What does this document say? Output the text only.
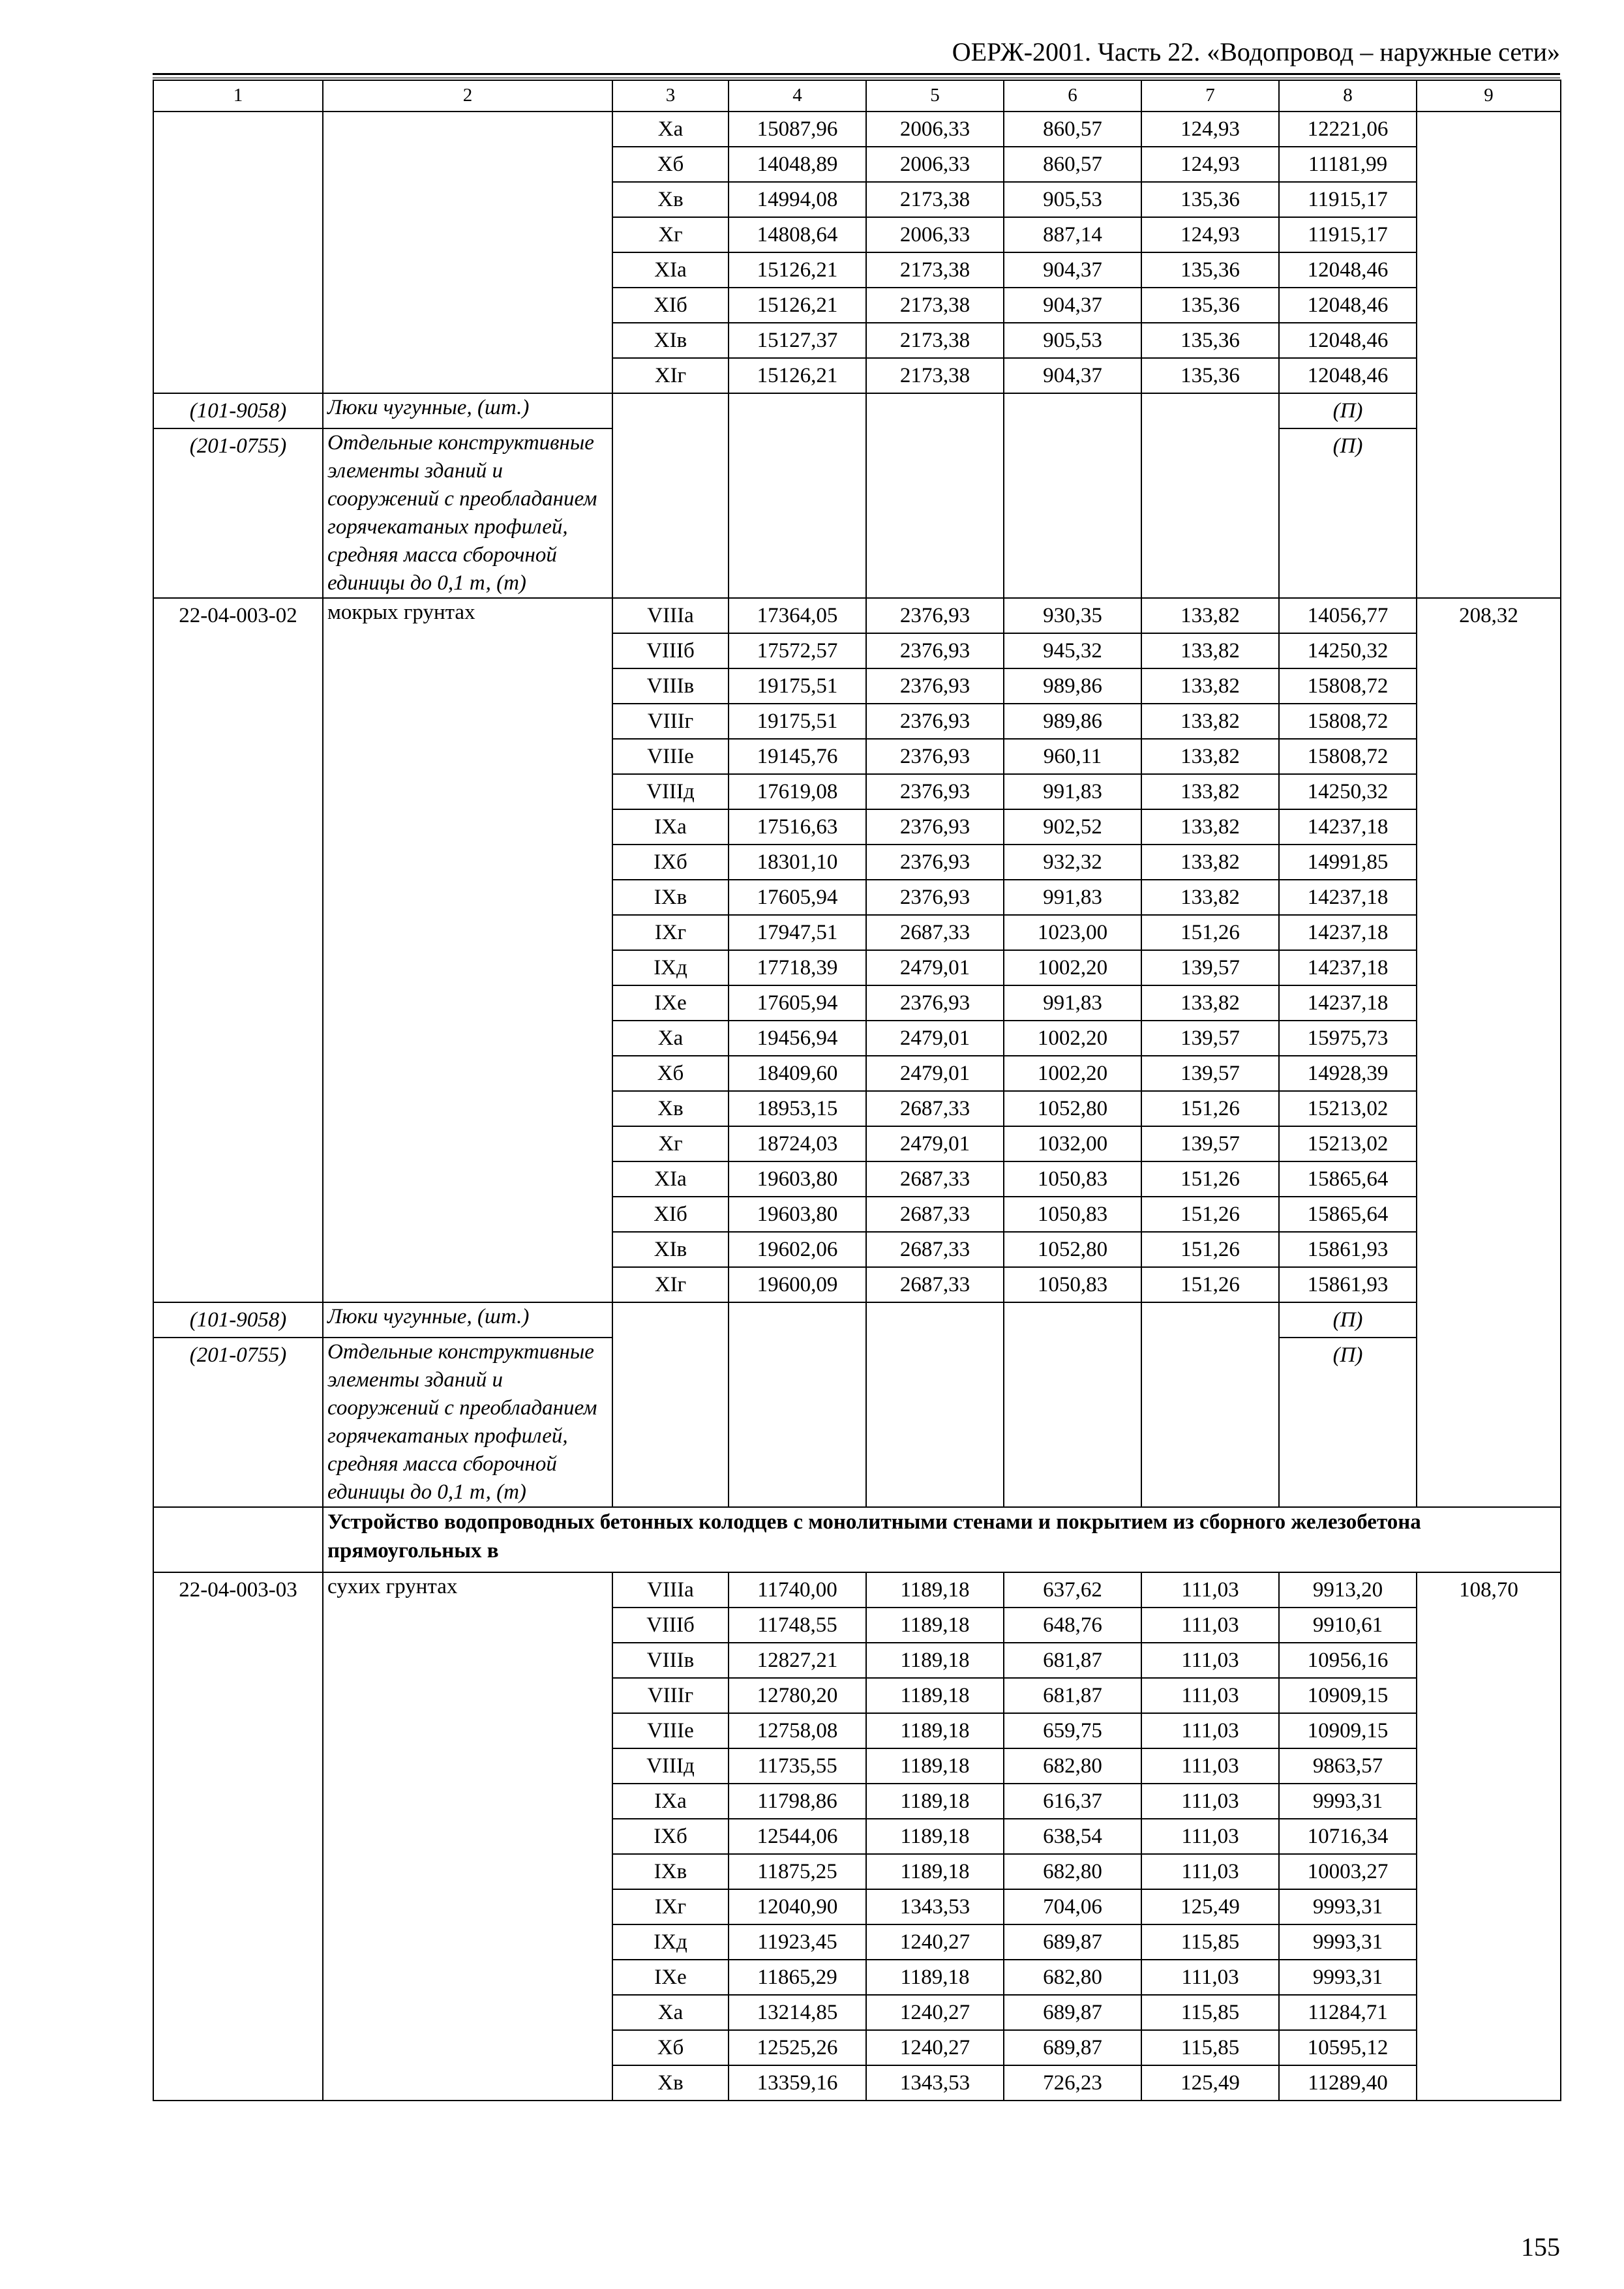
ОЕРЖ-2001. Часть 22. «Водопровод – наружные сети»
1	2	3	4	5	6	7	8	9
		Xa	15087,96	2006,33	860,57	124,93	12221,06	
		Xб	14048,89	2006,33	860,57	124,93	11181,99	
		Xв	14994,08	2173,38	905,53	135,36	11915,17	
		Xг	14808,64	2006,33	887,14	124,93	11915,17	
		XIa	15126,21	2173,38	904,37	135,36	12048,46	
		XIб	15126,21	2173,38	904,37	135,36	12048,46	
		XIв	15127,37	2173,38	905,53	135,36	12048,46	
		XIг	15126,21	2173,38	904,37	135,36	12048,46	
(101-9058)	Люки чугунные, (шт.)						(П)	
(201-0755)	Отдельные конструктивные элементы зданий и сооружений с преобладанием горячекатаных профилей, средняя масса сборочной единицы до 0,1 т, (т)						(П)	
22-04-003-02	мокрых грунтах	VIIIa	17364,05	2376,93	930,35	133,82	14056,77	208,32
		VIIIб	17572,57	2376,93	945,32	133,82	14250,32	
		VIIIв	19175,51	2376,93	989,86	133,82	15808,72	
		VIIIг	19175,51	2376,93	989,86	133,82	15808,72	
		VIIIe	19145,76	2376,93	960,11	133,82	15808,72	
		VIIIд	17619,08	2376,93	991,83	133,82	14250,32	
		IXa	17516,63	2376,93	902,52	133,82	14237,18	
		IXб	18301,10	2376,93	932,32	133,82	14991,85	
		IXв	17605,94	2376,93	991,83	133,82	14237,18	
		IXг	17947,51	2687,33	1023,00	151,26	14237,18	
		IXд	17718,39	2479,01	1002,20	139,57	14237,18	
		IXe	17605,94	2376,93	991,83	133,82	14237,18	
		Xa	19456,94	2479,01	1002,20	139,57	15975,73	
		Xб	18409,60	2479,01	1002,20	139,57	14928,39	
		Xв	18953,15	2687,33	1052,80	151,26	15213,02	
		Xг	18724,03	2479,01	1032,00	139,57	15213,02	
		XIa	19603,80	2687,33	1050,83	151,26	15865,64	
		XIб	19603,80	2687,33	1050,83	151,26	15865,64	
		XIв	19602,06	2687,33	1052,80	151,26	15861,93	
		XIг	19600,09	2687,33	1050,83	151,26	15861,93	
(101-9058)	Люки чугунные, (шт.)						(П)	
(201-0755)	Отдельные конструктивные элементы зданий и сооружений с преобладанием горячекатаных профилей, средняя масса сборочной единицы до 0,1 т, (т)						(П)	
	Устройство водопроводных бетонных колодцев с монолитными стенами и покрытием из сборного железобетона прямоугольных в							
22-04-003-03	сухих грунтах	VIIIa	11740,00	1189,18	637,62	111,03	9913,20	108,70
		VIIIб	11748,55	1189,18	648,76	111,03	9910,61	
		VIIIв	12827,21	1189,18	681,87	111,03	10956,16	
		VIIIг	12780,20	1189,18	681,87	111,03	10909,15	
		VIIIe	12758,08	1189,18	659,75	111,03	10909,15	
		VIIIд	11735,55	1189,18	682,80	111,03	9863,57	
		IXa	11798,86	1189,18	616,37	111,03	9993,31	
		IXб	12544,06	1189,18	638,54	111,03	10716,34	
		IXв	11875,25	1189,18	682,80	111,03	10003,27	
		IXг	12040,90	1343,53	704,06	125,49	9993,31	
		IXд	11923,45	1240,27	689,87	115,85	9993,31	
		IXe	11865,29	1189,18	682,80	111,03	9993,31	
		Xa	13214,85	1240,27	689,87	115,85	11284,71	
		Xб	12525,26	1240,27	689,87	115,85	10595,12	
		Xв	13359,16	1343,53	726,23	125,49	11289,40	
155
